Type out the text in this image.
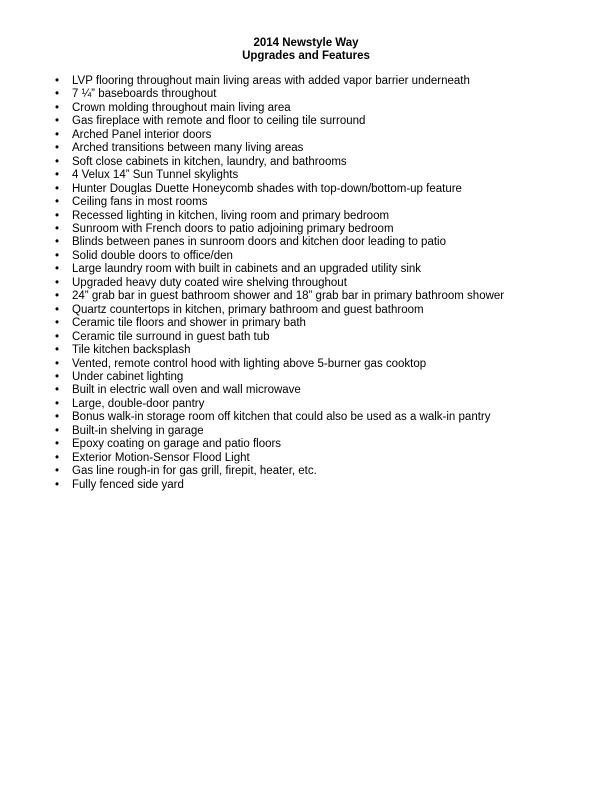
2014 Newstyle Way
Upgrades and Features
• LVP flooring throughout main living areas with added vapor barrier underneath
• 7 ¼” baseboards throughout
• Crown molding throughout main living area
• Gas fireplace with remote and floor to ceiling tile surround
• Arched Panel interior doors
• Arched transitions between many living areas
• Soft close cabinets in kitchen, laundry, and bathrooms
• 4 Velux 14” Sun Tunnel skylights
• Hunter Douglas Duette Honeycomb shades with top-down/bottom-up feature
• Ceiling fans in most rooms
• Recessed lighting in kitchen, living room and primary bedroom
• Sunroom with French doors to patio adjoining primary bedroom
• Blinds between panes in sunroom doors and kitchen door leading to patio
• Solid double doors to office/den
• Large laundry room with built in cabinets and an upgraded utility sink
• Upgraded heavy duty coated wire shelving throughout
• 24” grab bar in guest bathroom shower and 18” grab bar in primary bathroom shower
• Quartz countertops in kitchen, primary bathroom and guest bathroom
• Ceramic tile floors and shower in primary bath
• Ceramic tile surround in guest bath tub
• Tile kitchen backsplash
• Vented, remote control hood with lighting above 5-burner gas cooktop
• Under cabinet lighting
• Built in electric wall oven and wall microwave
• Large, double-door pantry
• Bonus walk-in storage room off kitchen that could also be used as a walk-in pantry
• Built-in shelving in garage
• Epoxy coating on garage and patio floors
• Exterior Motion-Sensor Flood Light
• Gas line rough-in for gas grill, firepit, heater, etc.
• Fully fenced side yard
